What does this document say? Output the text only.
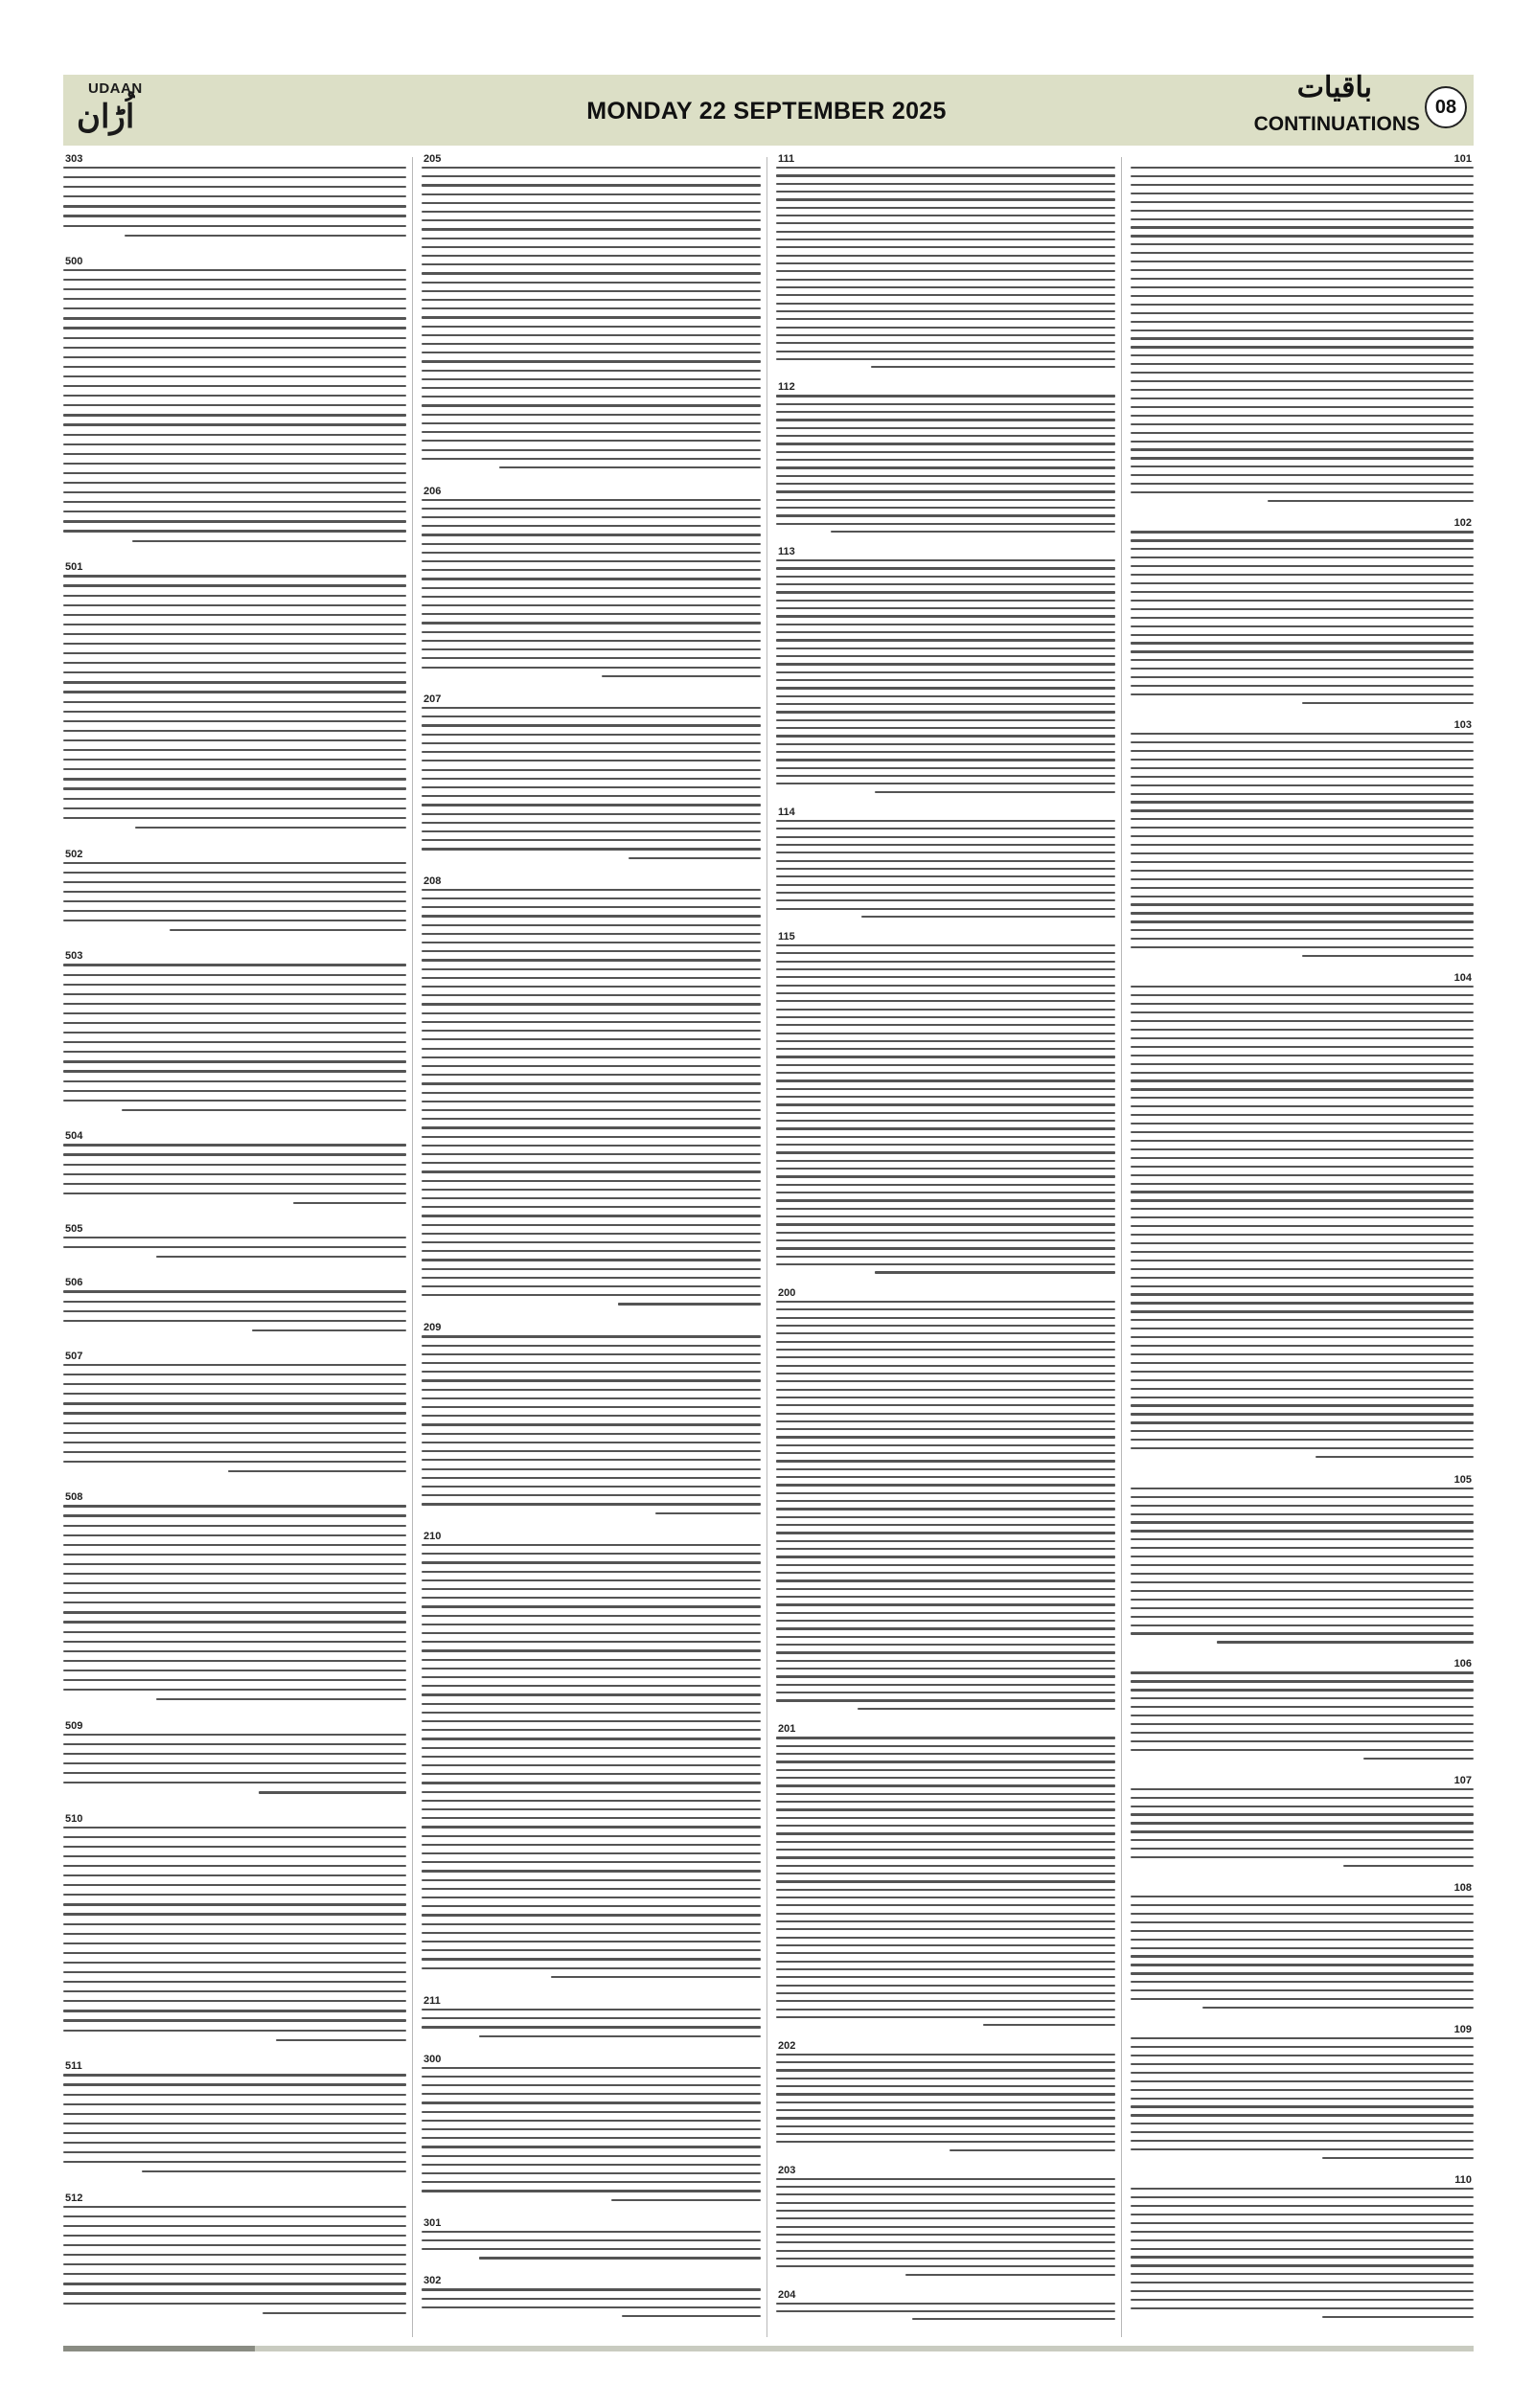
UDAAN
اُڑان	MONDAY 22 SEPTEMBER 2025
باقیات
CONTINUATIONS
08
101
102
103
104
105
106
107
108
109
110
111
112
113
114
115
200
201
202
203
204
205
206
207
208
209
210
211
300
301
302
303
500
501
502
503
504
505
506
507
508
509
510
511
512
